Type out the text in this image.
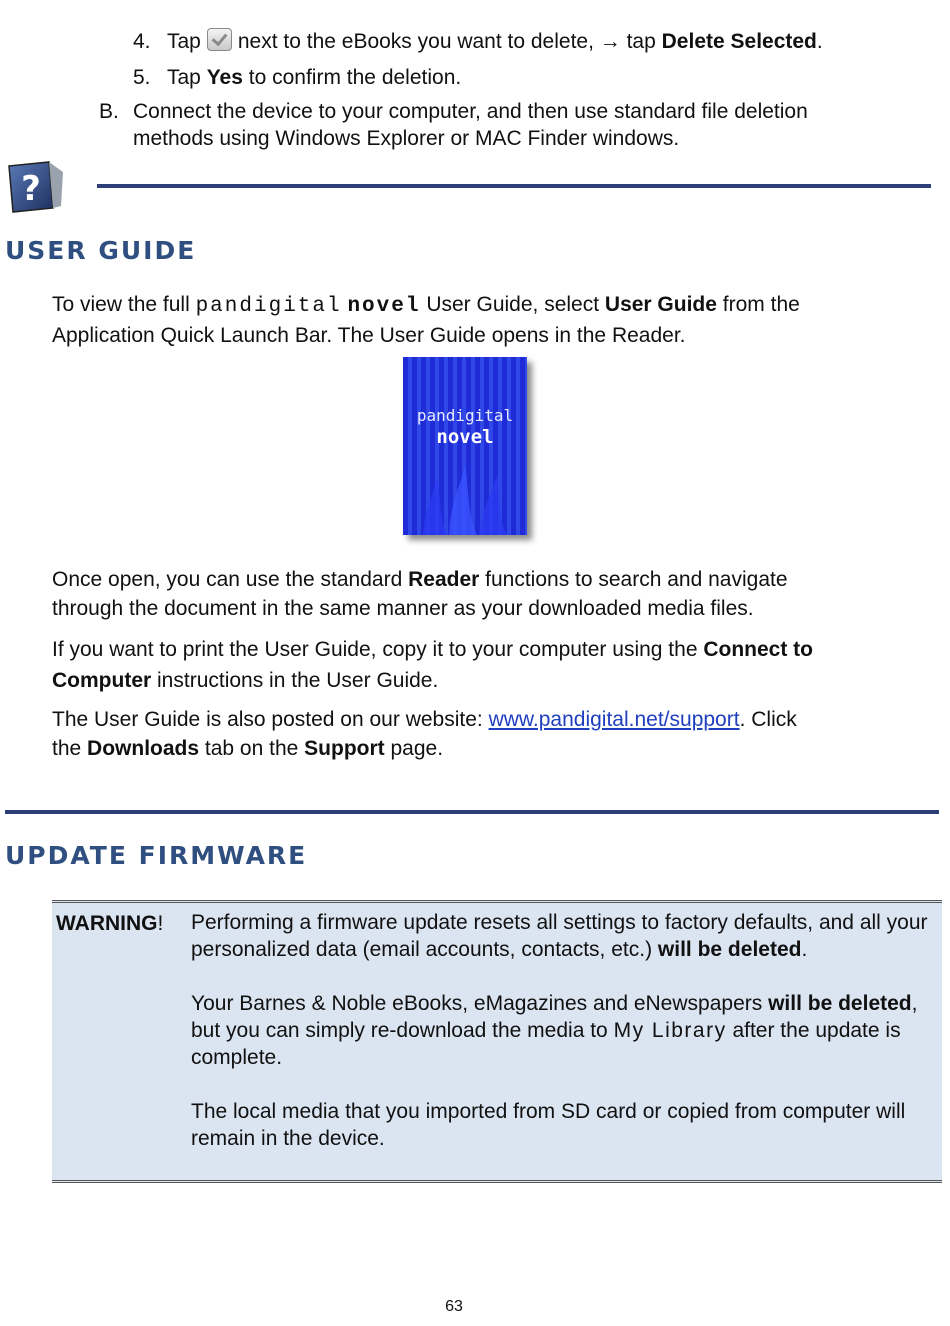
4. Tap next to the eBooks you want to delete, → tap Delete Selected.
5. Tap Yes to confirm the deletion.
B. Connect the device to your computer, and then use standard file deletion
methods using Windows Explorer or MAC Finder windows.
?
USER GUIDE
To view the full pandigital novel User Guide, select User Guide from the
Application Quick Launch Bar. The User Guide opens in the Reader.
pandigital
novel
Once open, you can use the standard Reader functions to search and navigate
through the document in the same manner as your downloaded media files.
If you want to print the User Guide, copy it to your computer using the Connect to
Computer instructions in the User Guide.
The User Guide is also posted on our website: www.pandigital.net/support. Click
the Downloads tab on the Support page.
UPDATE FIRMWARE
WARNING! Performing a firmware update resets all settings to factory defaults, and all your personalized data (email accounts, contacts, etc.) will be deleted.

Your Barnes & Noble eBooks, eMagazines and eNewspapers will be deleted, but you can simply re-download the media to My Library after the update is complete.

The local media that you imported from SD card or copied from computer will remain in the device.

63
